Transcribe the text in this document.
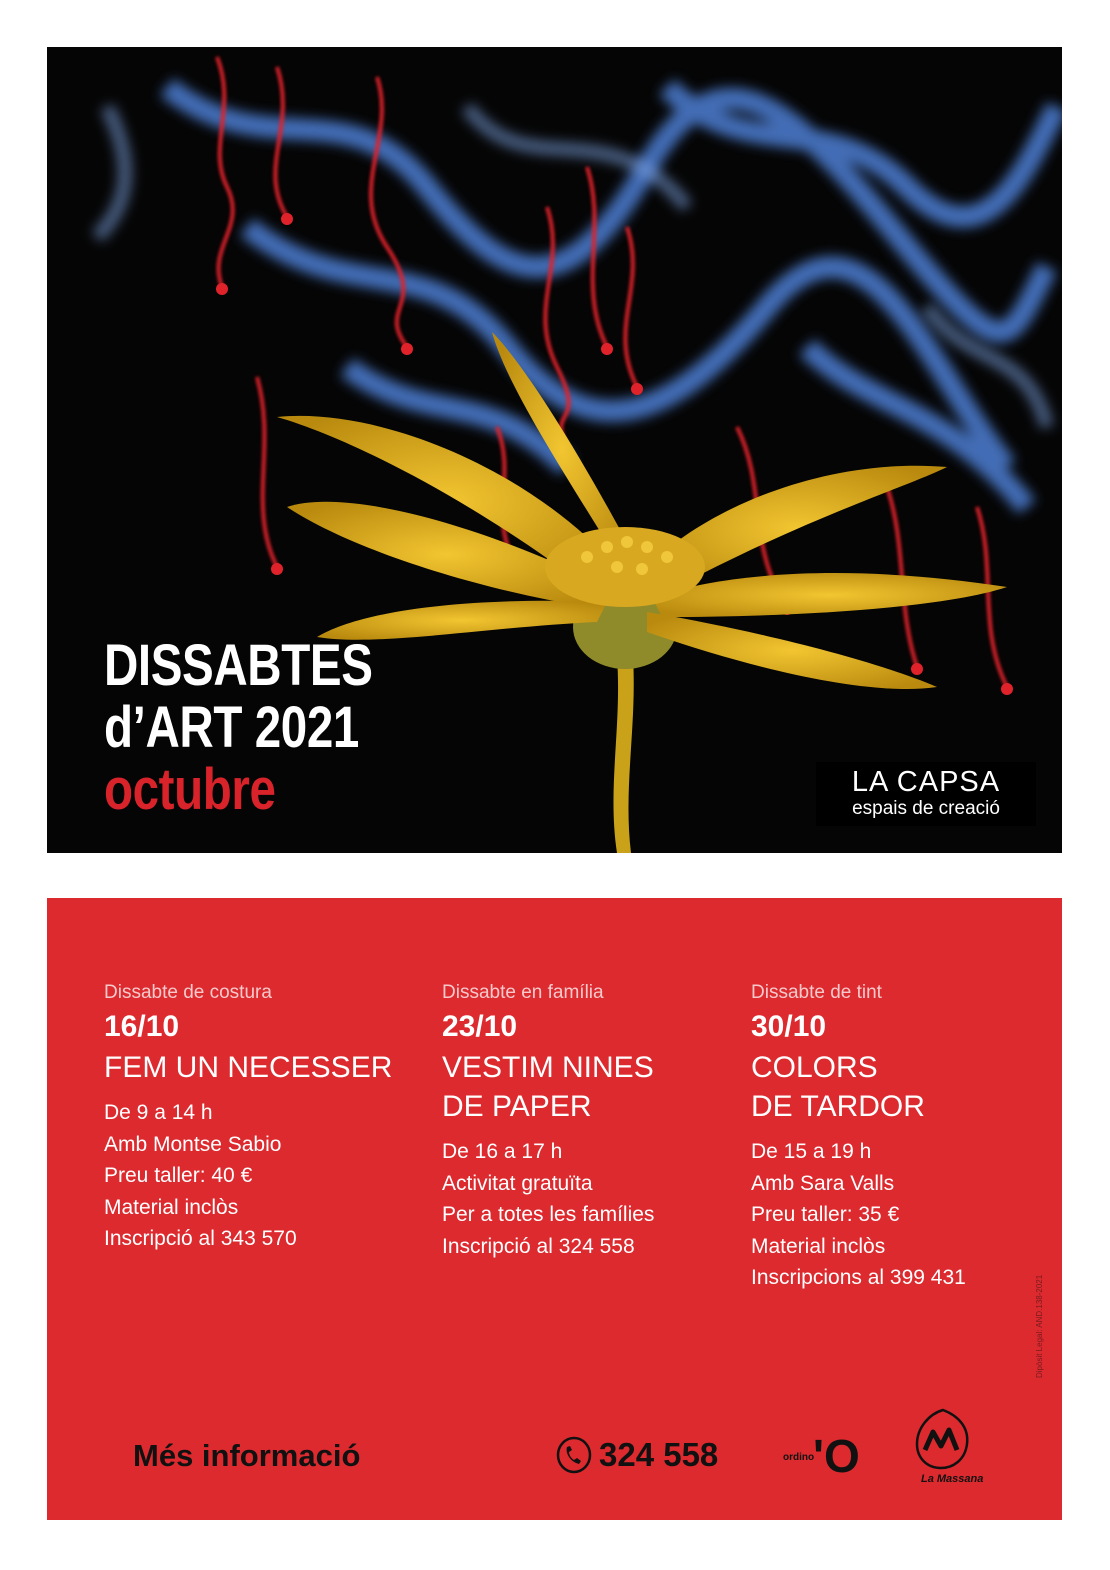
DISSABTES
d’ART 2021
octubre	LA CAPSA
espais de creació
Dissabte de costura
16/10
FEM UN NECESSER
De 9 a 14 h
Amb Montse Sabio
Preu taller: 40 €
Material inclòs
Inscripció al 343 570
Dissabte en família
23/10
VESTIM NINES
DE PAPER
De 16 a 17 h
Activitat gratuïta
Per a totes les famílies
Inscripció al 324 558
Dissabte de tint
30/10
COLORS
DE TARDOR
De 15 a 19 h
Amb Sara Valls
Preu taller: 35 €
Material inclòs
Inscripcions al 399 431
Més informació	324 558	ordino
'O	La Massana
Dipòsit Legal: AND.138-2021
